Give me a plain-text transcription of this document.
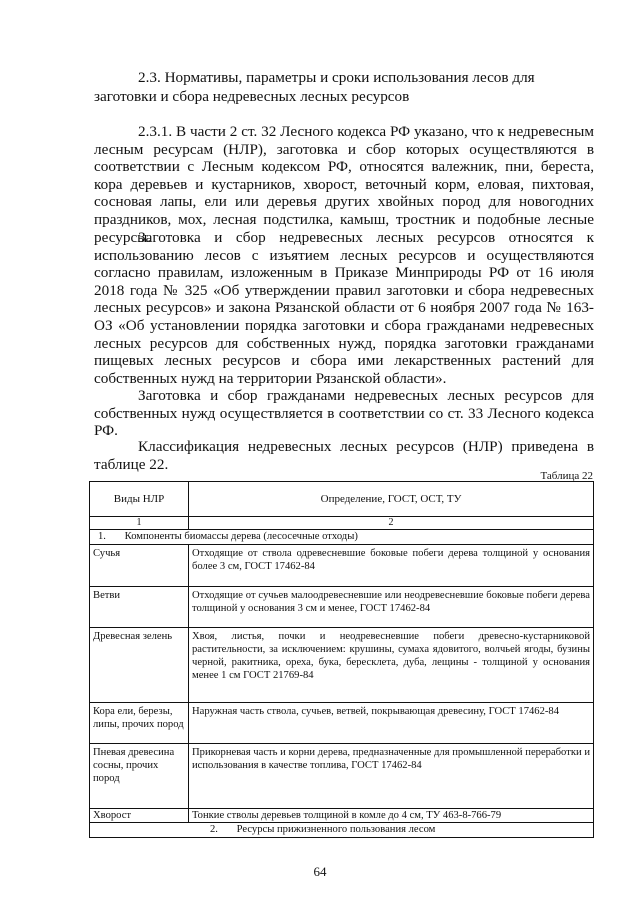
2.3. Нормативы, параметры и сроки использования лесов для заготовки и сбора недревесных лесных ресурсов

2.3.1. В части 2 ст. 32 Лесного кодекса РФ указано, что к недревесным лесным ресурсам (НЛР), заготовка и сбор которых осуществляются в соответствии с Лесным кодексом РФ, относятся валежник, пни, береста, кора деревьев и кустарников, хворост, веточный корм, еловая, пихтовая, сосновая лапы, ели или деревья других хвойных пород для новогодних праздников, мох, лесная подстилка, камыш, тростник и подобные лесные ресурсы.

Заготовка и сбор недревесных лесных ресурсов относятся к использованию лесов с изъятием лесных ресурсов и осуществляются согласно правилам, изложенным в Приказе Минприроды РФ от 16 июля 2018 года № 325 «Об утверждении правил заготовки и сбора недревесных лесных ресурсов» и закона Рязанской области от 6 ноября 2007 года № 163-ОЗ «Об установлении порядка заготовки и сбора гражданами недревесных лесных ресурсов для собственных нужд, порядка заготовки гражданами пищевых лесных ресурсов и сбора ими лекарственных растений для собственных нужд на территории Рязанской области».

Заготовка и сбор гражданами недревесных лесных ресурсов для собственных нужд осуществляется в соответствии со ст. 33 Лесного кодекса РФ.

Классификация недревесных лесных ресурсов (НЛР) приведена в таблице 22.

Таблица 22
Виды НЛР	Определение, ГОСТ, ОСТ, ТУ
1	2
1. Компоненты биомассы дерева (лесосечные отходы)	
Сучья	Отходящие от ствола одревесневшие боковые побеги дерева толщиной у основания более 3 см, ГОСТ 17462-84
Ветви	Отходящие от сучьев малоодревесневшие или неодревесневшие боковые побеги дерева толщиной у основания 3 см и менее, ГОСТ 17462-84
Древесная зелень	Хвоя, листья, почки и неодревесневшие побеги древесно-кустарниковой растительности, за исключением: крушины, сумаха ядовитого, волчьей ягоды, бузины черной, ракитника, ореха, бука, бересклета, дуба, лещины - толщиной у основания менее 1 см ГОСТ 21769-84
Кора ели, березы, липы, прочих пород	Наружная часть ствола, сучьев, ветвей, покрывающая древесину, ГОСТ 17462-84
Пневая древесина сосны, прочих пород	Прикорневая часть и корни дерева, предназначенные для промышленной переработки и использования в качестве топлива, ГОСТ 17462-84
Хворост	Тонкие стволы деревьев толщиной в комле до 4 см, ТУ 463-8-766-79
2. Ресурсы прижизненного пользования лесом	
64
